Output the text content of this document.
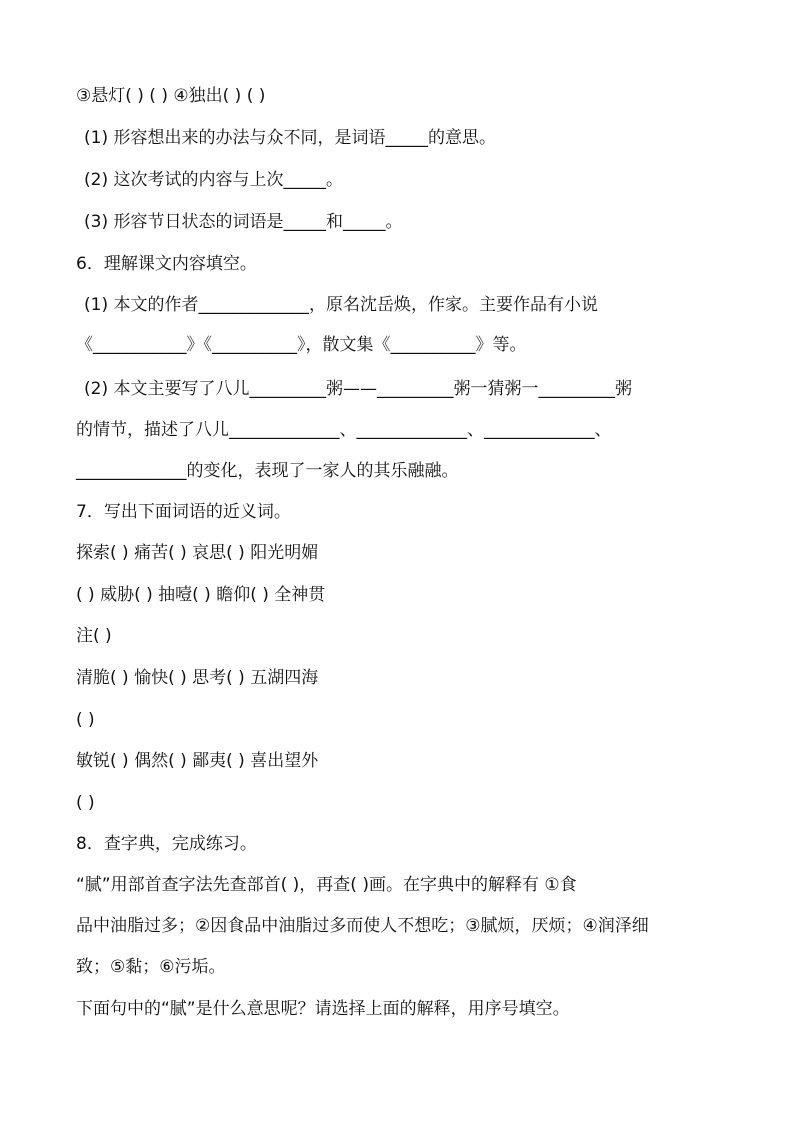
③悬灯( ) ( ) ④独出( ) ( )
(1) 形容想出来的办法与众不同，是词语_____的意思。
(2) 这次考试的内容与上次_____。
(3) 形容节日状态的词语是_____和_____。
6．理解课文内容填空。
(1) 本文的作者_____________，原名沈岳焕，作家。主要作品有小说
《___________》《__________》，散文集《__________》等。
(2) 本文主要写了八儿_________粥——_________粥一猜粥一_________粥
的情节，描述了八儿_____________、_____________、_____________、
_____________的变化，表现了一家人的其乐融融。
7．写出下面词语的近义词。
探索( ) 痛苦( ) 哀思( ) 阳光明媚
( ) 威胁( ) 抽噎( ) 瞻仰( ) 全神贯
注( )
清脆( ) 愉快( ) 思考( ) 五湖四海
( )
敏锐( ) 偶然( ) 鄙夷( ) 喜出望外
( )
8．查字典，完成练习。
“腻”用部首查字法先查部首( )，再查( )画。在字典中的解释有 ①食
品中油脂过多；②因食品中油脂过多而使人不想吃；③腻烦，厌烦；④润泽细
致；⑤黏；⑥污垢。
下面句中的“腻”是什么意思呢？请选择上面的解释，用序号填空。
